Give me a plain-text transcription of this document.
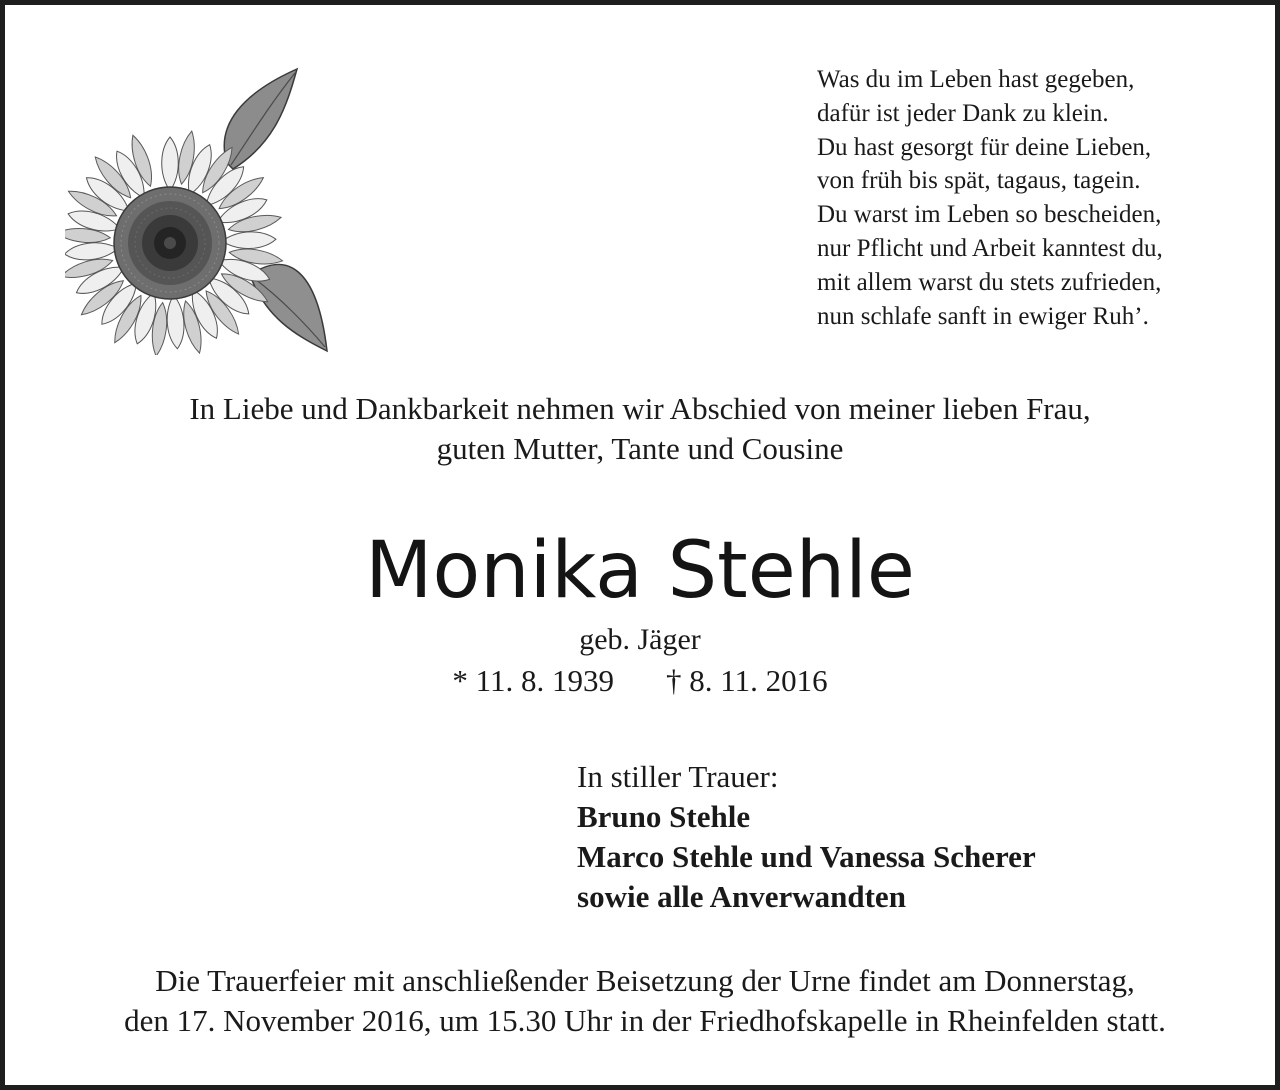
Was du im Leben hast gegeben,
dafür ist jeder Dank zu klein.
Du hast gesorgt für deine Lieben,
von früh bis spät, tagaus, tagein.
Du warst im Leben so bescheiden,
nur Pflicht und Arbeit kanntest du,
mit allem warst du stets zufrieden,
nun schlafe sanft in ewiger Ruh’.
In Liebe und Dankbarkeit nehmen wir Abschied von meiner lieben Frau,
guten Mutter, Tante und Cousine
Monika Stehle
geb. Jäger
* 11. 8. 1939 † 8. 11. 2016
In stiller Trauer:
Bruno Stehle
Marco Stehle und Vanessa Scherer
sowie alle Anverwandten
Die Trauerfeier mit anschließender Beisetzung der Urne findet am Donnerstag,
den 17. November 2016, um 15.30 Uhr in der Friedhofskapelle in Rheinfelden statt.
